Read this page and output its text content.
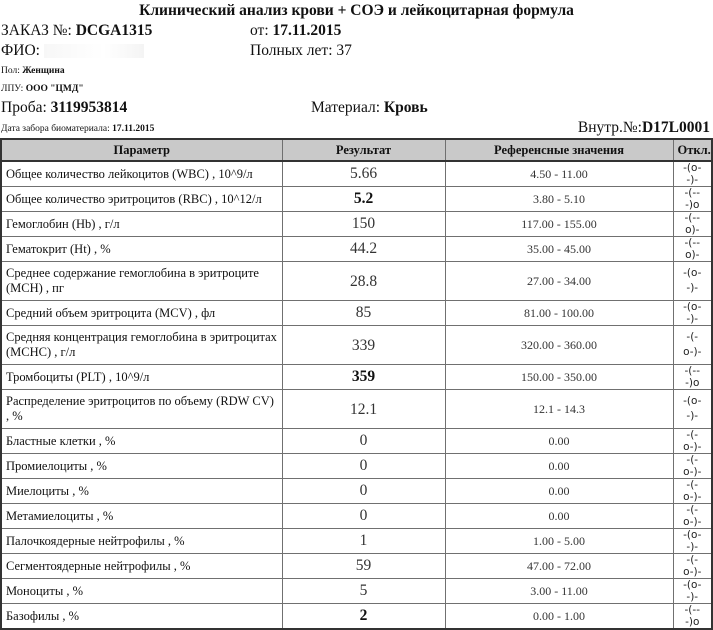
Клинический анализ крови + СОЭ и лейкоцитарная формула
ЗАКАЗ №: DCGA1315	от: 17.11.2015
ФИО:	Полных лет: 37
Пол: Женщина
ЛПУ: ООО "ЦМД"
Проба: 3119953814	Материал: Кровь
Дата забора биоматериала: 17.11.2015	Внутр.№:D17L0001
Параметр	Результат	Референсные значения	Откл.
Общее количество лейкоцитов (WBC) , 10^9/л	5.66	4.50 - 11.00	-(o--)-
Общее количество эритроцитов (RBC) , 10^12/л	5.2	3.80 - 5.10	-(---)o
Гемоглобин (Hb) , г/л	150	117.00 - 155.00	-(--o)-
Гематокрит (Ht) , %	44.2	35.00 - 45.00	-(--o)-
Среднее содержание гемоглобина в эритроците (MCH) , пг	28.8	27.00 - 34.00	-(o--)-
Средний объем эритроцита (MCV) , фл	85	81.00 - 100.00	-(o--)-
Средняя концентрация гемоглобина в эритроцитах (MCHC) , г/л	339	320.00 - 360.00	-(-o-)-
Тромбоциты (PLT) , 10^9/л	359	150.00 - 350.00	-(---)o
Распределение эритроцитов по объему (RDW CV) , %	12.1	12.1 - 14.3	-(o--)-
Бластные клетки , %	0	0.00	-(-o-)-
Промиелоциты , %	0	0.00	-(-o-)-
Миелоциты , %	0	0.00	-(-o-)-
Метамиелоциты , %	0	0.00	-(-o-)-
Палочкоядерные нейтрофилы , %	1	1.00 - 5.00	-(o--)-
Сегментоядерные нейтрофилы , %	59	47.00 - 72.00	-(-o-)-
Моноциты , %	5	3.00 - 11.00	-(o--)-
Базофилы , %	2	0.00 - 1.00	-(---)o
